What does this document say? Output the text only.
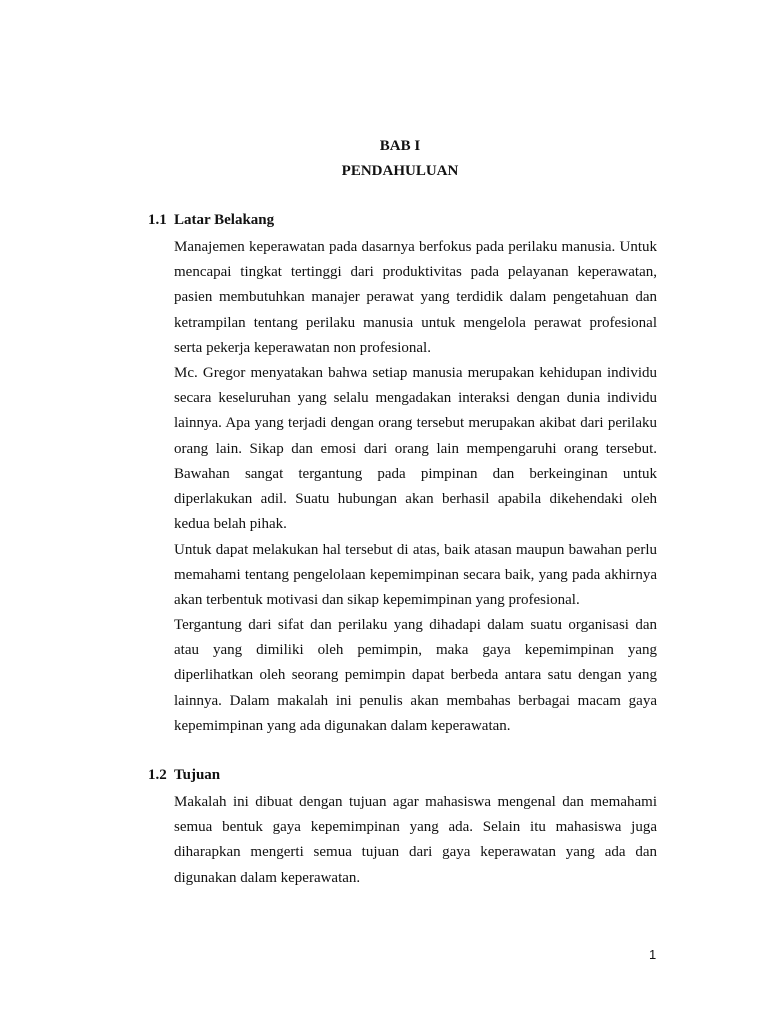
BAB I

PENDAHULUAN

1.1 Latar Belakang

Manajemen keperawatan pada dasarnya berfokus pada perilaku manusia. Untuk mencapai tingkat tertinggi dari produktivitas pada pelayanan keperawatan, pasien membutuhkan manajer perawat yang terdidik dalam pengetahuan dan ketrampilan tentang perilaku manusia untuk mengelola perawat profesional serta pekerja keperawatan non profesional.

Mc. Gregor menyatakan bahwa setiap manusia merupakan kehidupan individu secara keseluruhan yang selalu mengadakan interaksi dengan dunia individu lainnya. Apa yang terjadi dengan orang tersebut merupakan akibat dari perilaku orang lain. Sikap dan emosi dari orang lain mempengaruhi orang tersebut. Bawahan sangat tergantung pada pimpinan dan berkeinginan untuk diperlakukan adil. Suatu hubungan akan berhasil apabila dikehendaki oleh kedua belah pihak.

Untuk dapat melakukan hal tersebut di atas, baik atasan maupun bawahan perlu memahami tentang pengelolaan kepemimpinan secara baik, yang pada akhirnya akan terbentuk motivasi dan sikap kepemimpinan yang profesional.

Tergantung dari sifat dan perilaku yang dihadapi dalam suatu organisasi dan atau yang dimiliki oleh pemimpin, maka gaya kepemimpinan yang diperlihatkan oleh seorang pemimpin dapat berbeda antara satu dengan yang lainnya. Dalam makalah ini penulis akan membahas berbagai macam gaya kepemimpinan yang ada digunakan dalam keperawatan.

1.2 Tujuan

Makalah ini dibuat dengan tujuan agar mahasiswa mengenal dan memahami semua bentuk gaya kepemimpinan yang ada. Selain itu mahasiswa juga diharapkan mengerti semua tujuan dari gaya keperawatan yang ada dan digunakan dalam keperawatan.

1
